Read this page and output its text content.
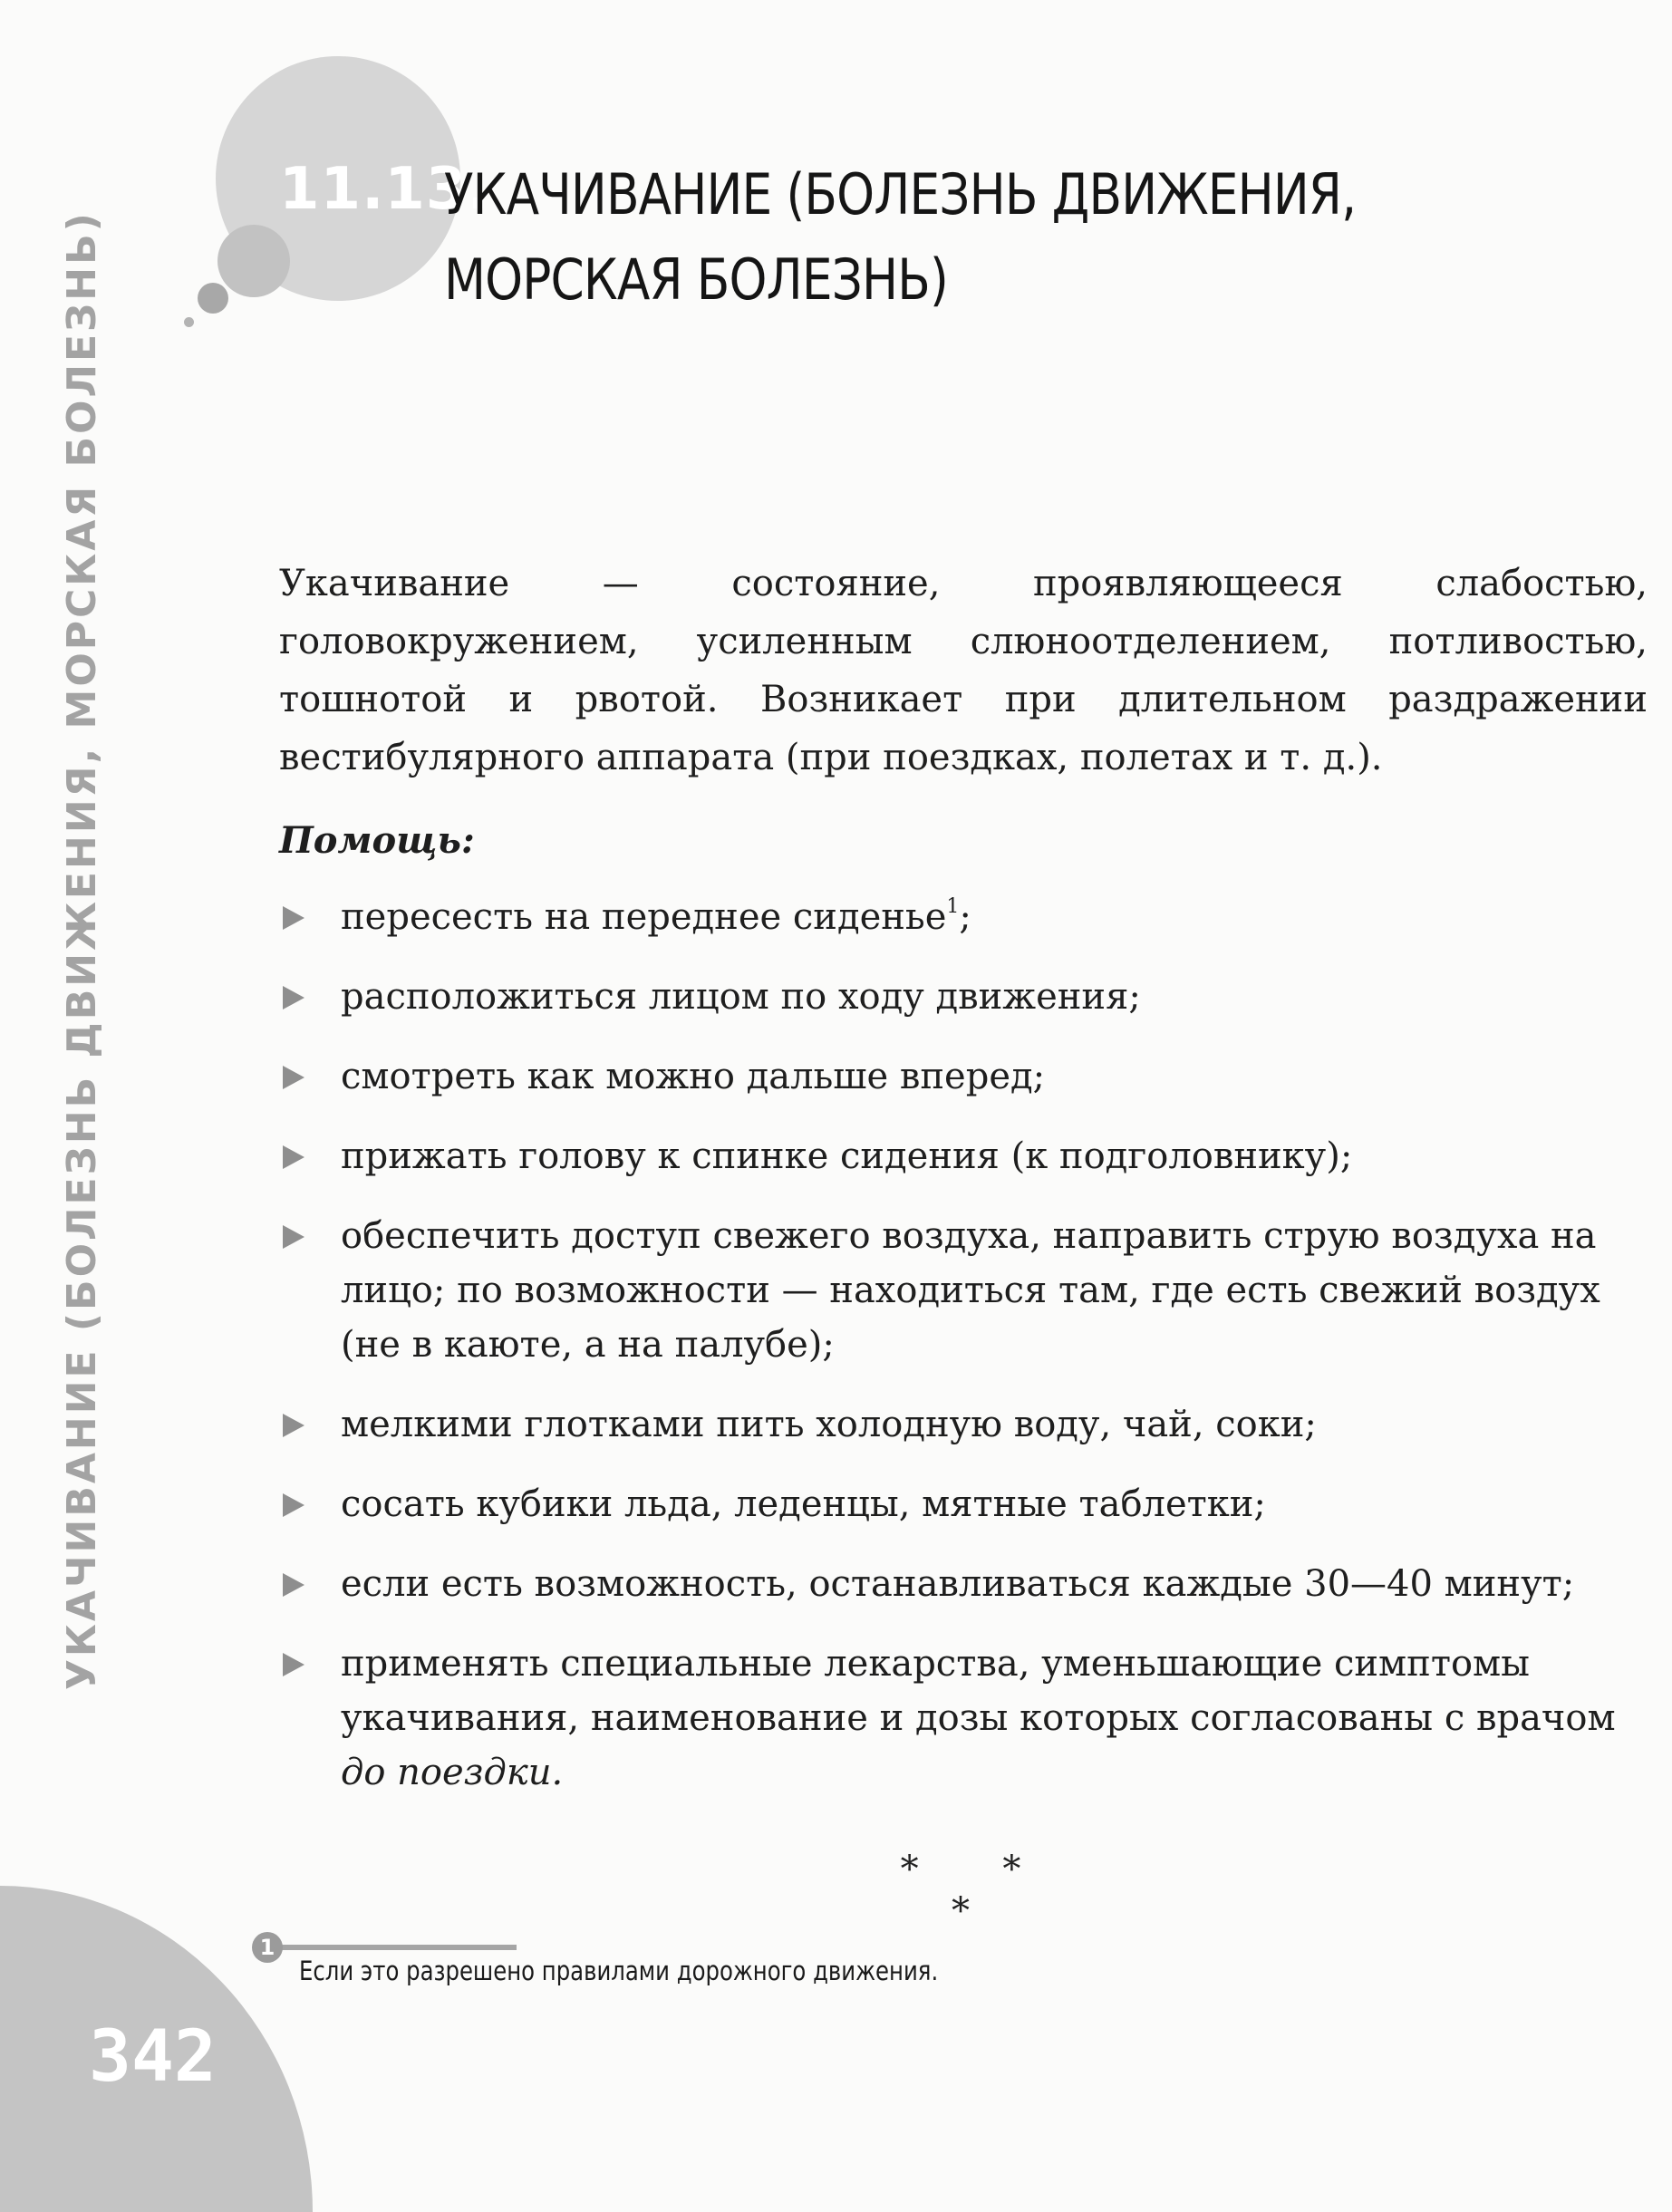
11.13.
УКАЧИВАНИЕ (БОЛЕЗНЬ ДВИЖЕНИЯ,
МОРСКАЯ БОЛЕЗНЬ)
УКАЧИВАНИЕ (БОЛЕЗНЬ ДВИЖЕНИЯ, МОРСКАЯ БОЛЕЗНЬ)
342

Укачивание — состояние, проявляющееся слабостью, головокружением, усиленным слюноотделением, потливостью, тошнотой и рвотой. Возникает при длительном раздражении вестибулярного аппарата (при поездках, полетах и т. д.).

Помощь:
пересесть на переднее сиденье$^1$;
расположиться лицом по ходу движения;
смотреть как можно дальше вперед;
прижать голову к спинке сидения (к подголовнику);
обеспечить доступ свежего воздуха, направить струю воздуха на лицо; по возможности — находиться там, где есть свежий воздух (не в каюте, а на палубе);
мелкими глотками пить холодную воду, чай, соки;
сосать кубики льда, леденцы, мятные таблетки;
если есть возможность, останавливаться каждые 30—40 минут;
применять специальные лекарства, уменьшающие симптомы укачивания, наименование и дозы которых согласованы с врачом до поездки.
* * *
1
Если это разрешено правилами дорожного движения.
